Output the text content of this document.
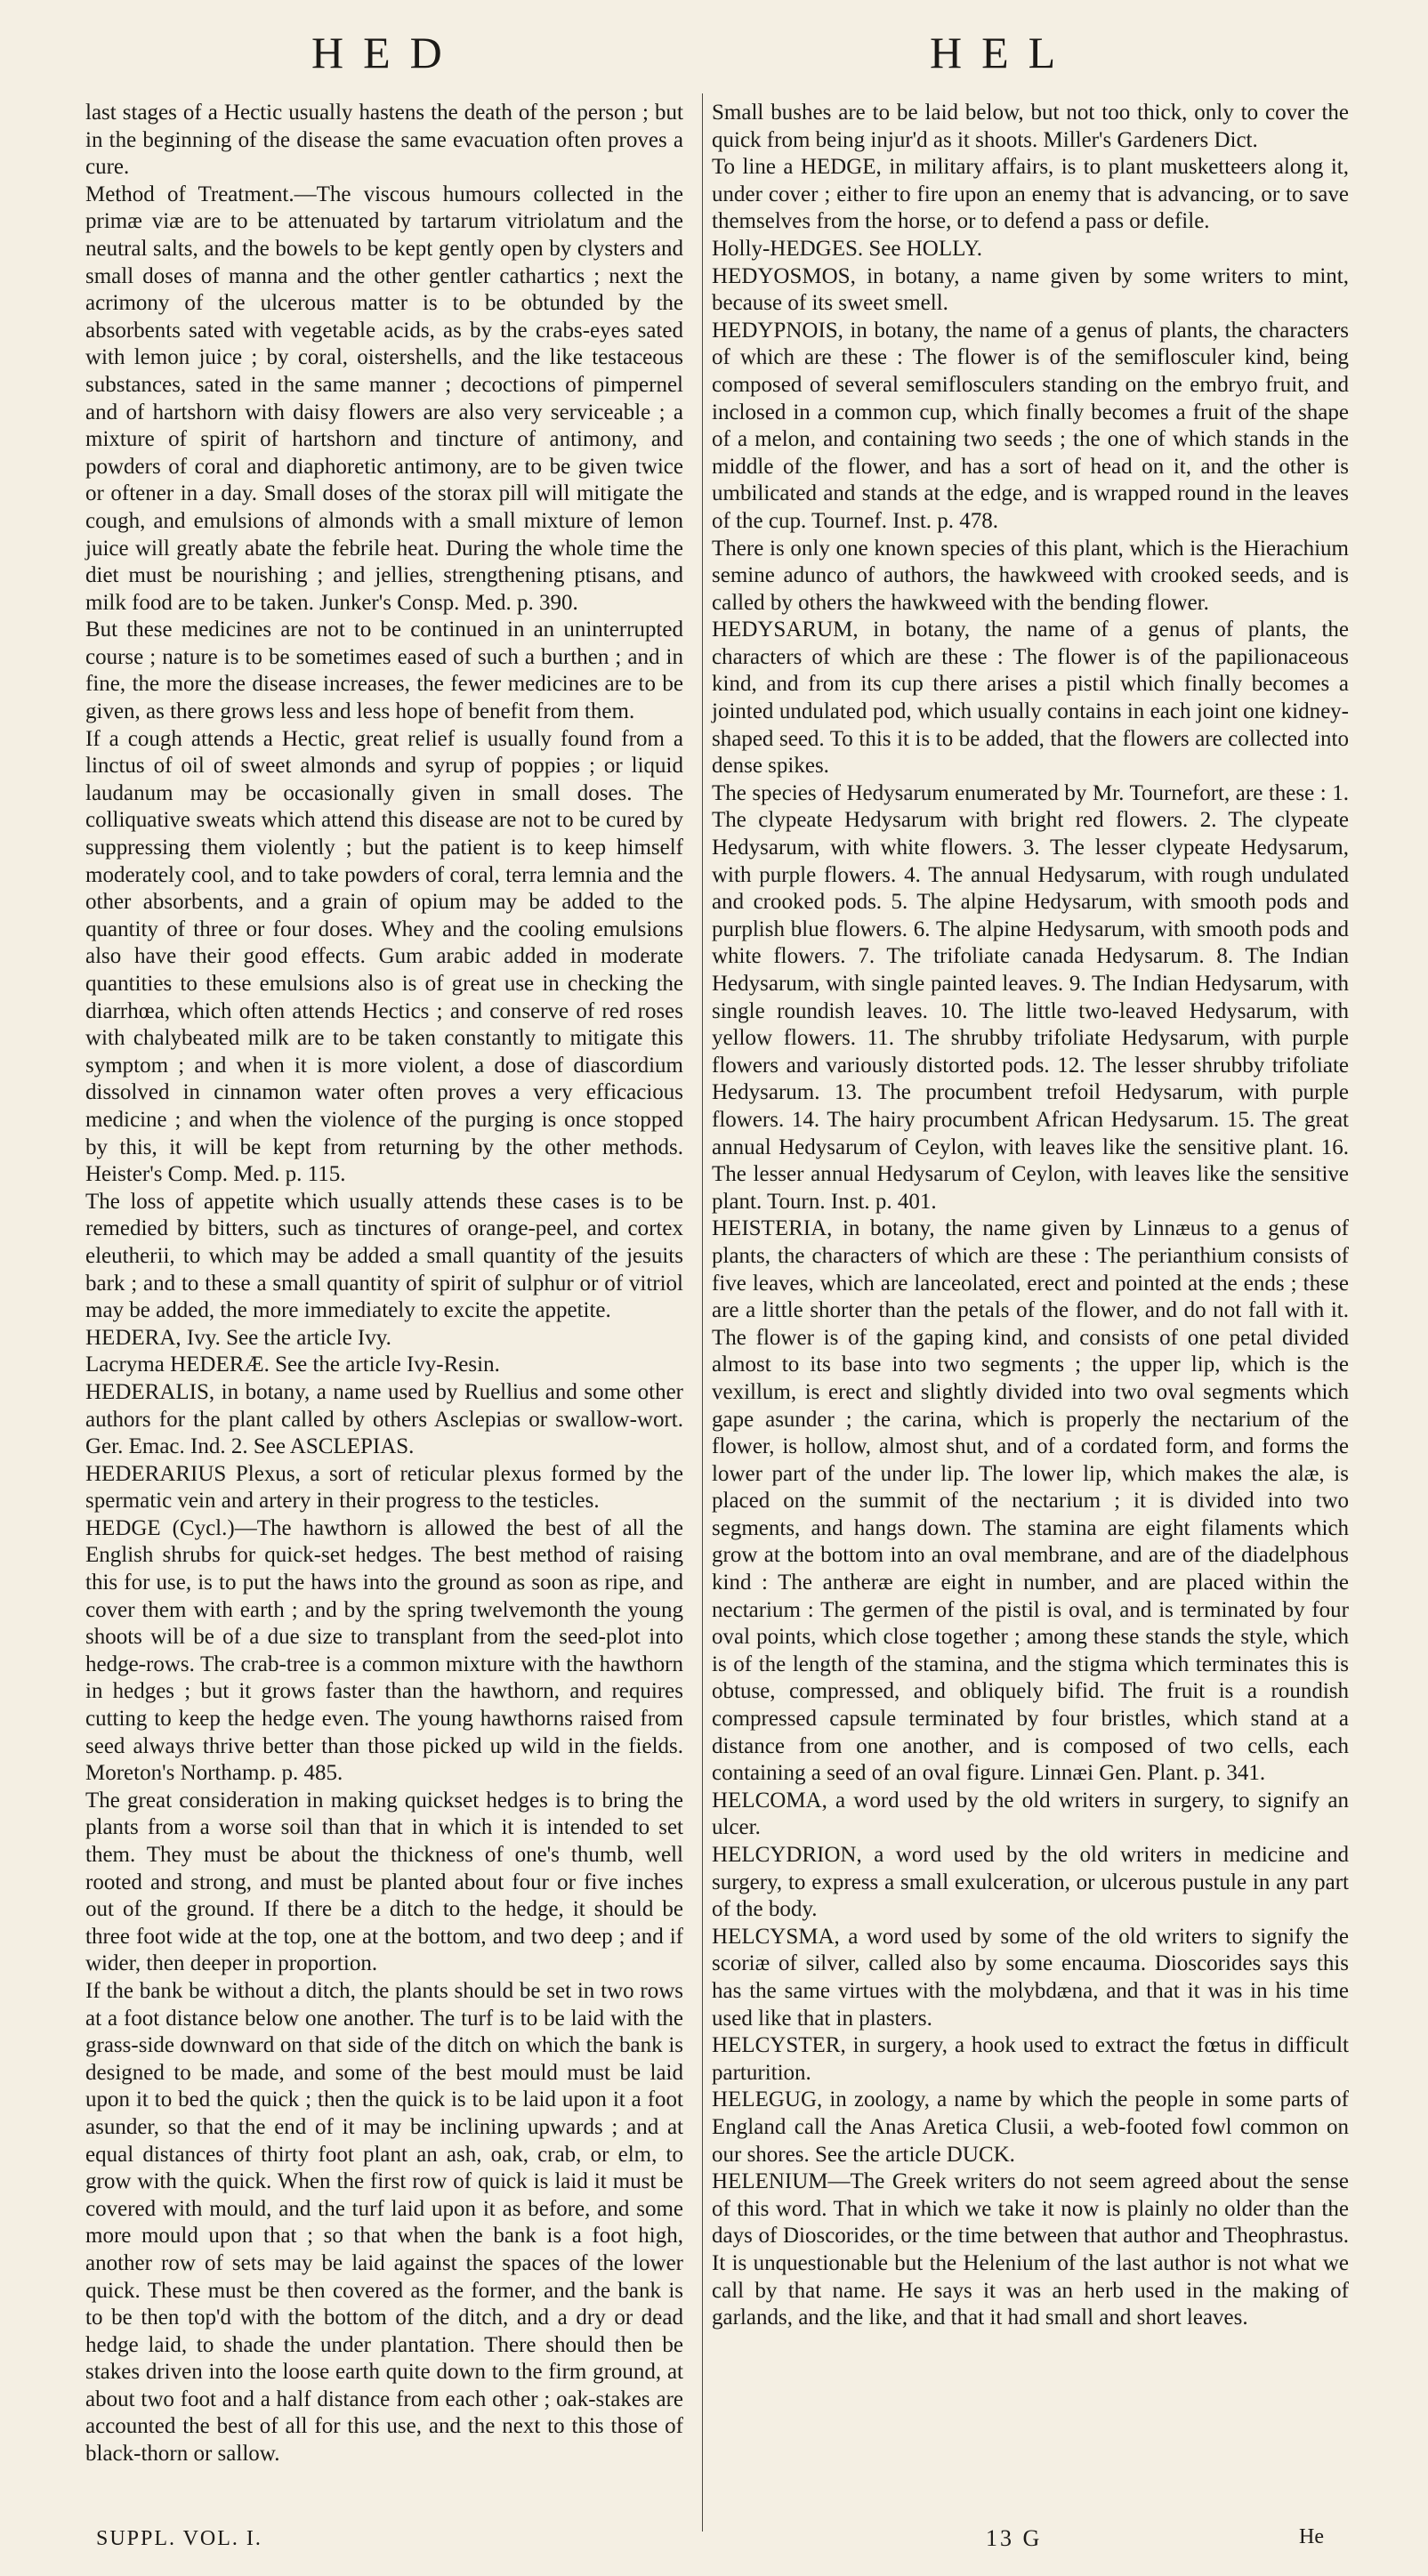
HED	HEL

last stages of a Hectic usually hastens the death of the person ; but in the beginning of the disease the same evacuation often proves a cure.

Method of Treatment.—The viscous humours collected in the primæ viæ are to be attenuated by tartarum vitriolatum and the neutral salts, and the bowels to be kept gently open by clysters and small doses of manna and the other gentler cathartics ; next the acrimony of the ulcerous matter is to be obtunded by the absorbents sated with vegetable acids, as by the crabs-eyes sated with lemon juice ; by coral, oistershells, and the like testaceous substances, sated in the same manner ; decoctions of pimpernel and of hartshorn with daisy flowers are also very serviceable ; a mixture of spirit of hartshorn and tincture of antimony, and powders of coral and diaphoretic antimony, are to be given twice or oftener in a day. Small doses of the storax pill will mitigate the cough, and emulsions of almonds with a small mixture of lemon juice will greatly abate the febrile heat. During the whole time the diet must be nourishing ; and jellies, strengthening ptisans, and milk food are to be taken. Junker's Consp. Med. p. 390.

But these medicines are not to be continued in an uninterrupted course ; nature is to be sometimes eased of such a burthen ; and in fine, the more the disease increases, the fewer medicines are to be given, as there grows less and less hope of benefit from them.

If a cough attends a Hectic, great relief is usually found from a linctus of oil of sweet almonds and syrup of poppies ; or liquid laudanum may be occasionally given in small doses. The colliquative sweats which attend this disease are not to be cured by suppressing them violently ; but the patient is to keep himself moderately cool, and to take powders of coral, terra lemnia and the other absorbents, and a grain of opium may be added to the quantity of three or four doses. Whey and the cooling emulsions also have their good effects. Gum arabic added in moderate quantities to these emulsions also is of great use in checking the diarrhœa, which often attends Hectics ; and conserve of red roses with chalybeated milk are to be taken constantly to mitigate this symptom ; and when it is more violent, a dose of diascordium dissolved in cinnamon water often proves a very efficacious medicine ; and when the violence of the purging is once stopped by this, it will be kept from returning by the other methods. Heister's Comp. Med. p. 115.

The loss of appetite which usually attends these cases is to be remedied by bitters, such as tinctures of orange-peel, and cortex eleutherii, to which may be added a small quantity of the jesuits bark ; and to these a small quantity of spirit of sulphur or of vitriol may be added, the more immediately to excite the appetite.

HEDERA, Ivy. See the article Ivy.

Lacryma HEDERÆ. See the article Ivy-Resin.

HEDERALIS, in botany, a name used by Ruellius and some other authors for the plant called by others Asclepias or swallow-wort. Ger. Emac. Ind. 2. See ASCLEPIAS.

HEDERARIUS Plexus, a sort of reticular plexus formed by the spermatic vein and artery in their progress to the testicles.

HEDGE (Cycl.)—The hawthorn is allowed the best of all the English shrubs for quick-set hedges. The best method of raising this for use, is to put the haws into the ground as soon as ripe, and cover them with earth ; and by the spring twelvemonth the young shoots will be of a due size to transplant from the seed-plot into hedge-rows. The crab-tree is a common mixture with the hawthorn in hedges ; but it grows faster than the hawthorn, and requires cutting to keep the hedge even. The young hawthorns raised from seed always thrive better than those picked up wild in the fields. Moreton's Northamp. p. 485.

The great consideration in making quickset hedges is to bring the plants from a worse soil than that in which it is intended to set them. They must be about the thickness of one's thumb, well rooted and strong, and must be planted about four or five inches out of the ground. If there be a ditch to the hedge, it should be three foot wide at the top, one at the bottom, and two deep ; and if wider, then deeper in proportion.

If the bank be without a ditch, the plants should be set in two rows at a foot distance below one another. The turf is to be laid with the grass-side downward on that side of the ditch on which the bank is designed to be made, and some of the best mould must be laid upon it to bed the quick ; then the quick is to be laid upon it a foot asunder, so that the end of it may be inclining upwards ; and at equal distances of thirty foot plant an ash, oak, crab, or elm, to grow with the quick. When the first row of quick is laid it must be covered with mould, and the turf laid upon it as before, and some more mould upon that ; so that when the bank is a foot high, another row of sets may be laid against the spaces of the lower quick. These must be then covered as the former, and the bank is to be then top'd with the bottom of the ditch, and a dry or dead hedge laid, to shade the under plantation. There should then be stakes driven into the loose earth quite down to the firm ground, at about two foot and a half distance from each other ; oak-stakes are accounted the best of all for this use, and the next to this those of black-thorn or sallow.

Small bushes are to be laid below, but not too thick, only to cover the quick from being injur'd as it shoots. Miller's Gardeners Dict.

To line a HEDGE, in military affairs, is to plant musketteers along it, under cover ; either to fire upon an enemy that is advancing, or to save themselves from the horse, or to defend a pass or defile.

Holly-HEDGES. See HOLLY.

HEDYOSMOS, in botany, a name given by some writers to mint, because of its sweet smell.

HEDYPNOIS, in botany, the name of a genus of plants, the characters of which are these : The flower is of the semiflosculer kind, being composed of several semiflosculers standing on the embryo fruit, and inclosed in a common cup, which finally becomes a fruit of the shape of a melon, and containing two seeds ; the one of which stands in the middle of the flower, and has a sort of head on it, and the other is umbilicated and stands at the edge, and is wrapped round in the leaves of the cup. Tournef. Inst. p. 478.

There is only one known species of this plant, which is the Hierachium semine adunco of authors, the hawkweed with crooked seeds, and is called by others the hawkweed with the bending flower.

HEDYSARUM, in botany, the name of a genus of plants, the characters of which are these : The flower is of the papilionaceous kind, and from its cup there arises a pistil which finally becomes a jointed undulated pod, which usually contains in each joint one kidney-shaped seed. To this it is to be added, that the flowers are collected into dense spikes.

The species of Hedysarum enumerated by Mr. Tournefort, are these : 1. The clypeate Hedysarum with bright red flowers. 2. The clypeate Hedysarum, with white flowers. 3. The lesser clypeate Hedysarum, with purple flowers. 4. The annual Hedysarum, with rough undulated and crooked pods. 5. The alpine Hedysarum, with smooth pods and purplish blue flowers. 6. The alpine Hedysarum, with smooth pods and white flowers. 7. The trifoliate canada Hedysarum. 8. The Indian Hedysarum, with single painted leaves. 9. The Indian Hedysarum, with single roundish leaves. 10. The little two-leaved Hedysarum, with yellow flowers. 11. The shrubby trifoliate Hedysarum, with purple flowers and variously distorted pods. 12. The lesser shrubby trifoliate Hedysarum. 13. The procumbent trefoil Hedysarum, with purple flowers. 14. The hairy procumbent African Hedysarum. 15. The great annual Hedysarum of Ceylon, with leaves like the sensitive plant. 16. The lesser annual Hedysarum of Ceylon, with leaves like the sensitive plant. Tourn. Inst. p. 401.

HEISTERIA, in botany, the name given by Linnæus to a genus of plants, the characters of which are these : The perianthium consists of five leaves, which are lanceolated, erect and pointed at the ends ; these are a little shorter than the petals of the flower, and do not fall with it. The flower is of the gaping kind, and consists of one petal divided almost to its base into two segments ; the upper lip, which is the vexillum, is erect and slightly divided into two oval segments which gape asunder ; the carina, which is properly the nectarium of the flower, is hollow, almost shut, and of a cordated form, and forms the lower part of the under lip. The lower lip, which makes the alæ, is placed on the summit of the nectarium ; it is divided into two segments, and hangs down. The stamina are eight filaments which grow at the bottom into an oval membrane, and are of the diadelphous kind : The antheræ are eight in number, and are placed within the nectarium : The germen of the pistil is oval, and is terminated by four oval points, which close together ; among these stands the style, which is of the length of the stamina, and the stigma which terminates this is obtuse, compressed, and obliquely bifid. The fruit is a roundish compressed capsule terminated by four bristles, which stand at a distance from one another, and is composed of two cells, each containing a seed of an oval figure. Linnæi Gen. Plant. p. 341.

HELCOMA, a word used by the old writers in surgery, to signify an ulcer.

HELCYDRION, a word used by the old writers in medicine and surgery, to express a small exulceration, or ulcerous pustule in any part of the body.

HELCYSMA, a word used by some of the old writers to signify the scoriæ of silver, called also by some encauma. Dioscorides says this has the same virtues with the molybdæna, and that it was in his time used like that in plasters.

HELCYSTER, in surgery, a hook used to extract the fœtus in difficult parturition.

HELEGUG, in zoology, a name by which the people in some parts of England call the Anas Aretica Clusii, a web-footed fowl common on our shores. See the article DUCK.

HELENIUM—The Greek writers do not seem agreed about the sense of this word. That in which we take it now is plainly no older than the days of Dioscorides, or the time between that author and Theophrastus. It is unquestionable but the Helenium of the last author is not what we call by that name. He says it was an herb used in the making of garlands, and the like, and that it had small and short leaves.

SUPPL. VOL. I.	13 G	He
